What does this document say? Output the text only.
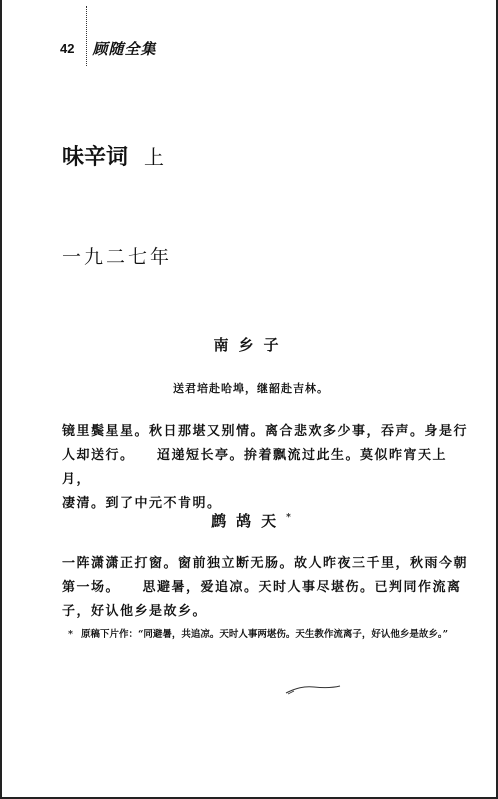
42 顾随全集
味辛词 上
一九二七年
南乡子
送君培赴哈埠，继韶赴吉林。
镜里鬓星星。秋日那堪又别情。离合悲欢多少事，吞声。身是行
人却送行。　　迢递短长亭。拚着飘流过此生。莫似昨宵天上月，
凄清。到了中元不肯明。
鹧鸪天*
一阵潇潇正打窗。窗前独立断无肠。故人昨夜三千里，秋雨今朝
第一场。　　思避暑，爱追凉。天时人事尽堪伤。已判同作流离
子，好认他乡是故乡。
* 原稿下片作：“同避暑，共追凉。天时人事两堪伤。天生教作流离子，好认他乡是故乡。”
